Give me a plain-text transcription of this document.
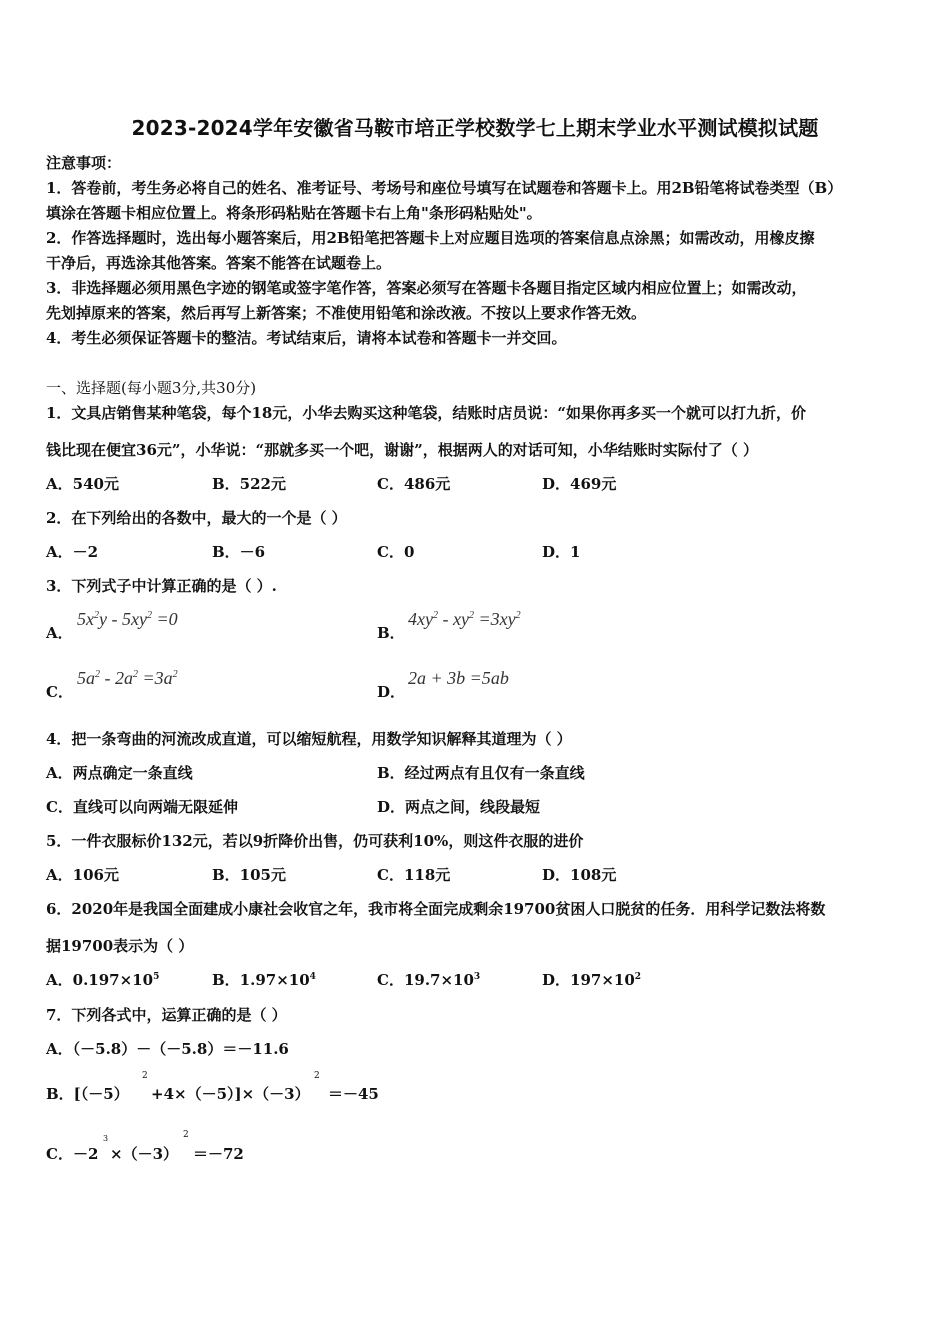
2023-2024学年安徽省马鞍市培正学校数学七上期末学业水平测试模拟试题
注意事项：
1．答卷前，考生务必将自己的姓名、准考证号、考场号和座位号填写在试题卷和答题卡上。用2B铅笔将试卷类型（B）
填涂在答题卡相应位置上。将条形码粘贴在答题卡右上角"条形码粘贴处"。
2．作答选择题时，选出每小题答案后，用2B铅笔把答题卡上对应题目选项的答案信息点涂黑；如需改动，用橡皮擦
干净后，再选涂其他答案。答案不能答在试题卷上。
3．非选择题必须用黑色字迹的钢笔或签字笔作答，答案必须写在答题卡各题目指定区域内相应位置上；如需改动，
先划掉原来的答案，然后再写上新答案；不准使用铅笔和涂改液。不按以上要求作答无效。
4．考生必须保证答题卡的整洁。考试结束后，请将本试卷和答题卡一并交回。
一、选择题(每小题3分,共30分)
1．文具店销售某种笔袋，每个18元，小华去购买这种笔袋，结账时店员说：“如果你再多买一个就可以打九折，价
钱比现在便宜36元”，小华说：“那就多买一个吧，谢谢”，根据两人的对话可知，小华结账时实际付了（ ）
A．540元	B．522元	C．486元	D．469元
2．在下列给出的各数中，最大的一个是（ ）
A．－2	B．－6	C．0	D．1
3．下列式子中计算正确的是（ ）.
A．
$5x^2y - 5xy^2 =0$
B．
$4xy^2 - xy^2 =3xy^2$
C．
$5a^2 - 2a^2 =3a^2$
D．
2a + 3b =5ab
4．把一条弯曲的河流改成直道，可以缩短航程，用数学知识解释其道理为（ ）
A．两点确定一条直线	B．经过两点有且仅有一条直线
C．直线可以向两端无限延伸	D．两点之间，线段最短
5．一件衣服标价132元，若以9折降价出售，仍可获利10%，则这件衣服的进价
A．106元	B．105元	C．118元	D．108元
6．2020年是我国全面建成小康社会收官之年，我市将全面完成剩余19700贫困人口脱贫的任务．用科学记数法将数
据19700表示为（ ）
A．$0.197\times 10^5$	B．$1.97\times 10^4$	C．$19.7\times 10^3$	D．$197\times 10^2$
7．下列各式中，运算正确的是（ ）
A．（－5.8）－（－5.8）＝－11.6
B．[（－5）
2
+4×（－5）]×（－3）
2
＝－45
C．－2
3
×（－3）
2
＝－72
